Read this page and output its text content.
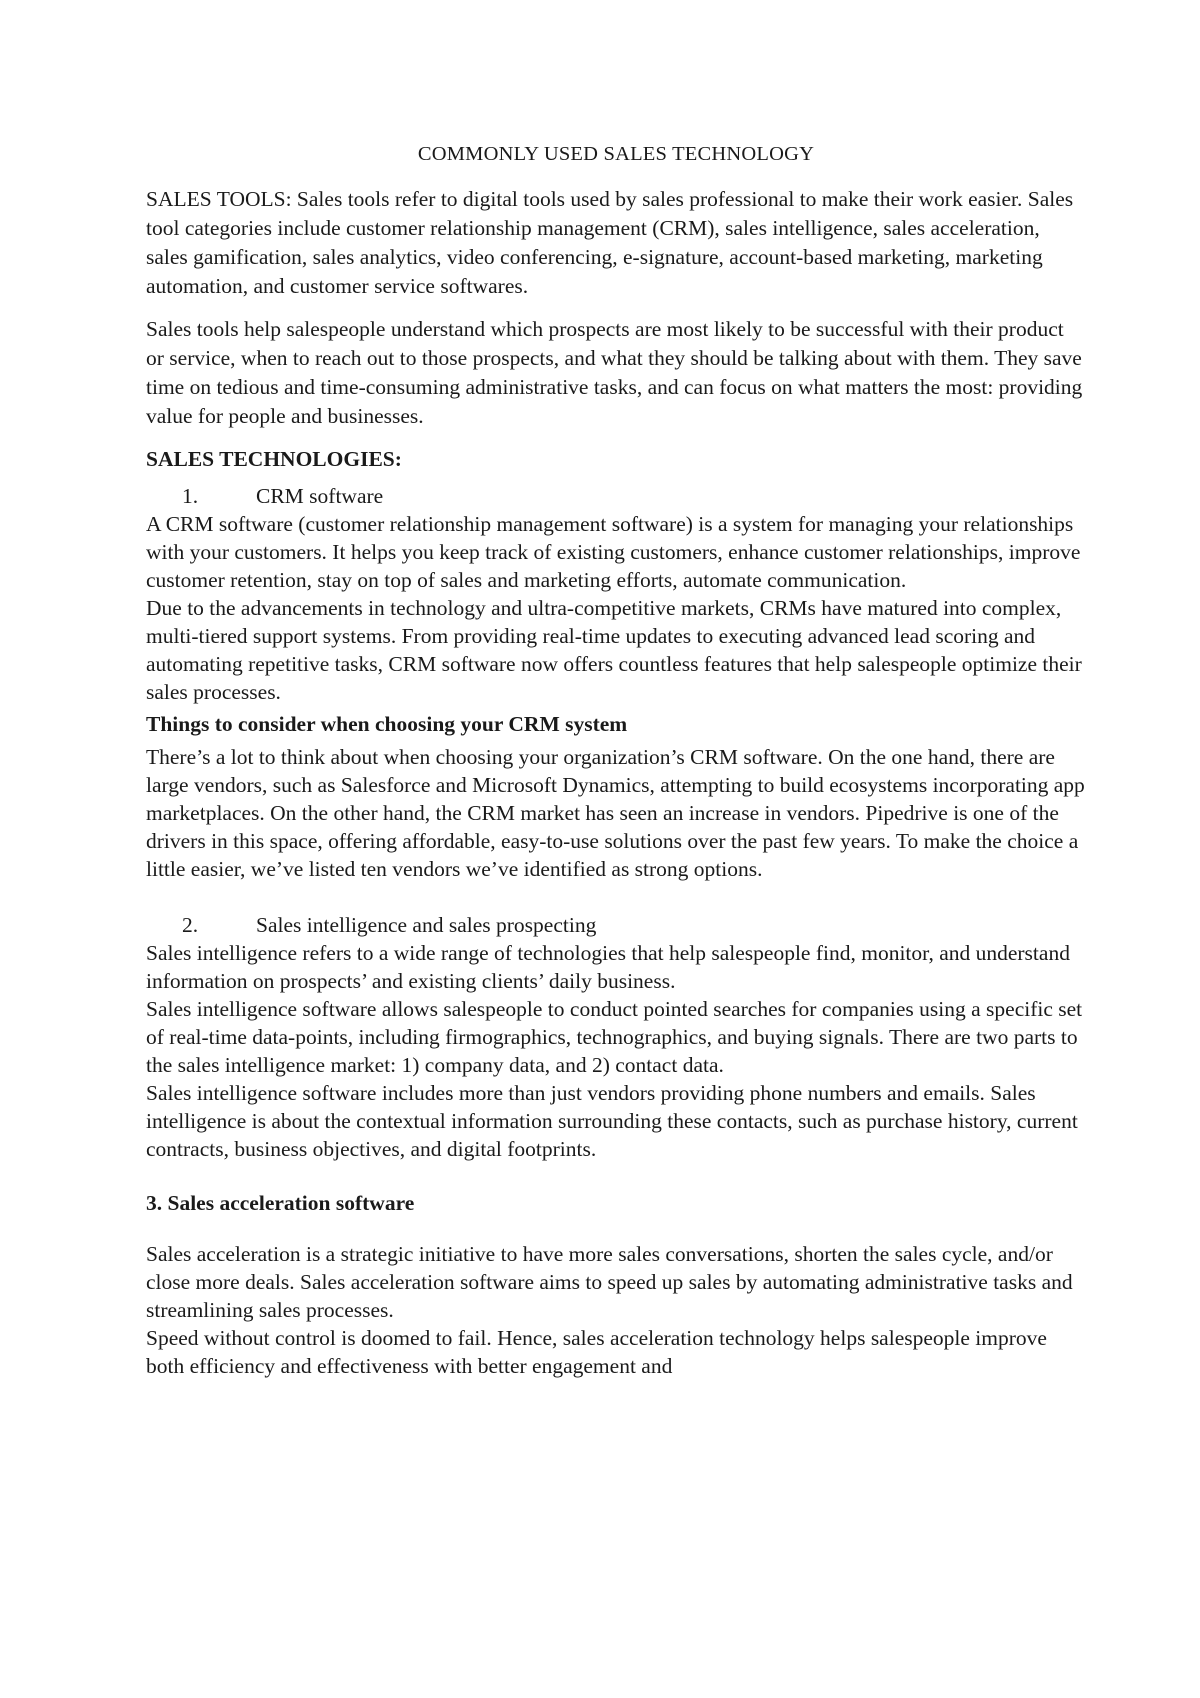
COMMONLY USED SALES TECHNOLOGY

SALES TOOLS: Sales tools refer to digital tools used by sales professional to make their work easier. Sales tool categories include customer relationship management (CRM), sales intelligence, sales acceleration, sales gamification, sales analytics, video conferencing, e-signature, account-based marketing, marketing automation, and customer service softwares.

Sales tools help salespeople understand which prospects are most likely to be successful with their product or service, when to reach out to those prospects, and what they should be talking about with them. They save time on tedious and time-consuming administrative tasks, and can focus on what matters the most: providing value for people and businesses.

SALES TECHNOLOGIES:

1.	CRM software

A CRM software (customer relationship management software) is a system for managing your relationships with your customers. It helps you keep track of existing customers, enhance customer relationships, improve customer retention, stay on top of sales and marketing efforts, automate communication.

Due to the advancements in technology and ultra-competitive markets, CRMs have matured into complex, multi-tiered support systems. From providing real-time updates to executing advanced lead scoring and automating repetitive tasks, CRM software now offers countless features that help salespeople optimize their sales processes.

Things to consider when choosing your CRM system

There’s a lot to think about when choosing your organization’s CRM software. On the one hand, there are large vendors, such as Salesforce and Microsoft Dynamics, attempting to build ecosystems incorporating app marketplaces. On the other hand, the CRM market has seen an increase in vendors. Pipedrive is one of the drivers in this space, offering affordable, easy-to-use solutions over the past few years. To make the choice a little easier, we’ve listed ten vendors we’ve identified as strong options.

2.	Sales intelligence and sales prospecting

Sales intelligence refers to a wide range of technologies that help salespeople find, monitor, and understand information on prospects’ and existing clients’ daily business.

Sales intelligence software allows salespeople to conduct pointed searches for companies using a specific set of real-time data-points, including firmographics, technographics, and buying signals. There are two parts to the sales intelligence market: 1) company data, and 2) contact data.

Sales intelligence software includes more than just vendors providing phone numbers and emails. Sales intelligence is about the contextual information surrounding these contacts, such as purchase history, current contracts, business objectives, and digital footprints.

3. Sales acceleration software

Sales acceleration is a strategic initiative to have more sales conversations, shorten the sales cycle, and/or close more deals. Sales acceleration software aims to speed up sales by automating administrative tasks and streamlining sales processes.

Speed without control is doomed to fail. Hence, sales acceleration technology helps salespeople improve both efficiency and effectiveness with better engagement and
